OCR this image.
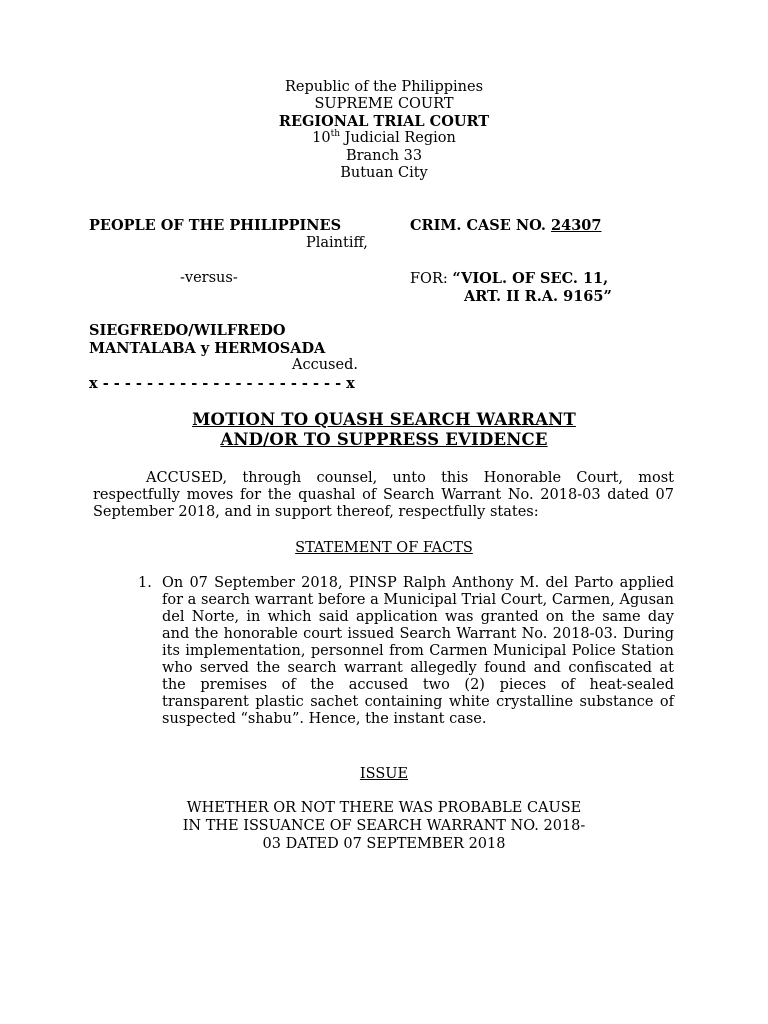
Republic of the Philippines
SUPREME COURT
REGIONAL TRIAL COURT
10th Judicial Region
Branch 33
Butuan City
PEOPLE OF THE PHILIPPINES
Plaintiff,
-versus-
SIEGFREDO/WILFREDO
MANTALABA y HERMOSADA
Accused.
x - - - - - - - - - - - - - - - - - - - - - - x
CRIM. CASE NO. 24307
FOR: “VIOL. OF SEC. 11,
ART. II R.A. 9165”
MOTION TO QUASH SEARCH WARRANT
AND/OR TO SUPPRESS EVIDENCE
ACCUSED, through counsel, unto this Honorable Court, most respectfully moves for the quashal of Search Warrant No. 2018-03 dated 07 September 2018, and in support thereof, respectfully states:
STATEMENT OF FACTS
1. On 07 September 2018, PINSP Ralph Anthony M. del Parto applied for a search warrant before a Municipal Trial Court, Carmen, Agusan del Norte, in which said application was granted on the same day and the honorable court issued Search Warrant No. 2018-03. During its implementation, personnel from Carmen Municipal Police Station who served the search warrant allegedly found and confiscated at the premises of the accused two (2) pieces of heat-sealed transparent plastic sachet containing white crystalline substance of suspected “shabu”. Hence, the instant case.
ISSUE
WHETHER OR NOT THERE WAS PROBABLE CAUSE
IN THE ISSUANCE OF SEARCH WARRANT NO. 2018-
03 DATED 07 SEPTEMBER 2018
